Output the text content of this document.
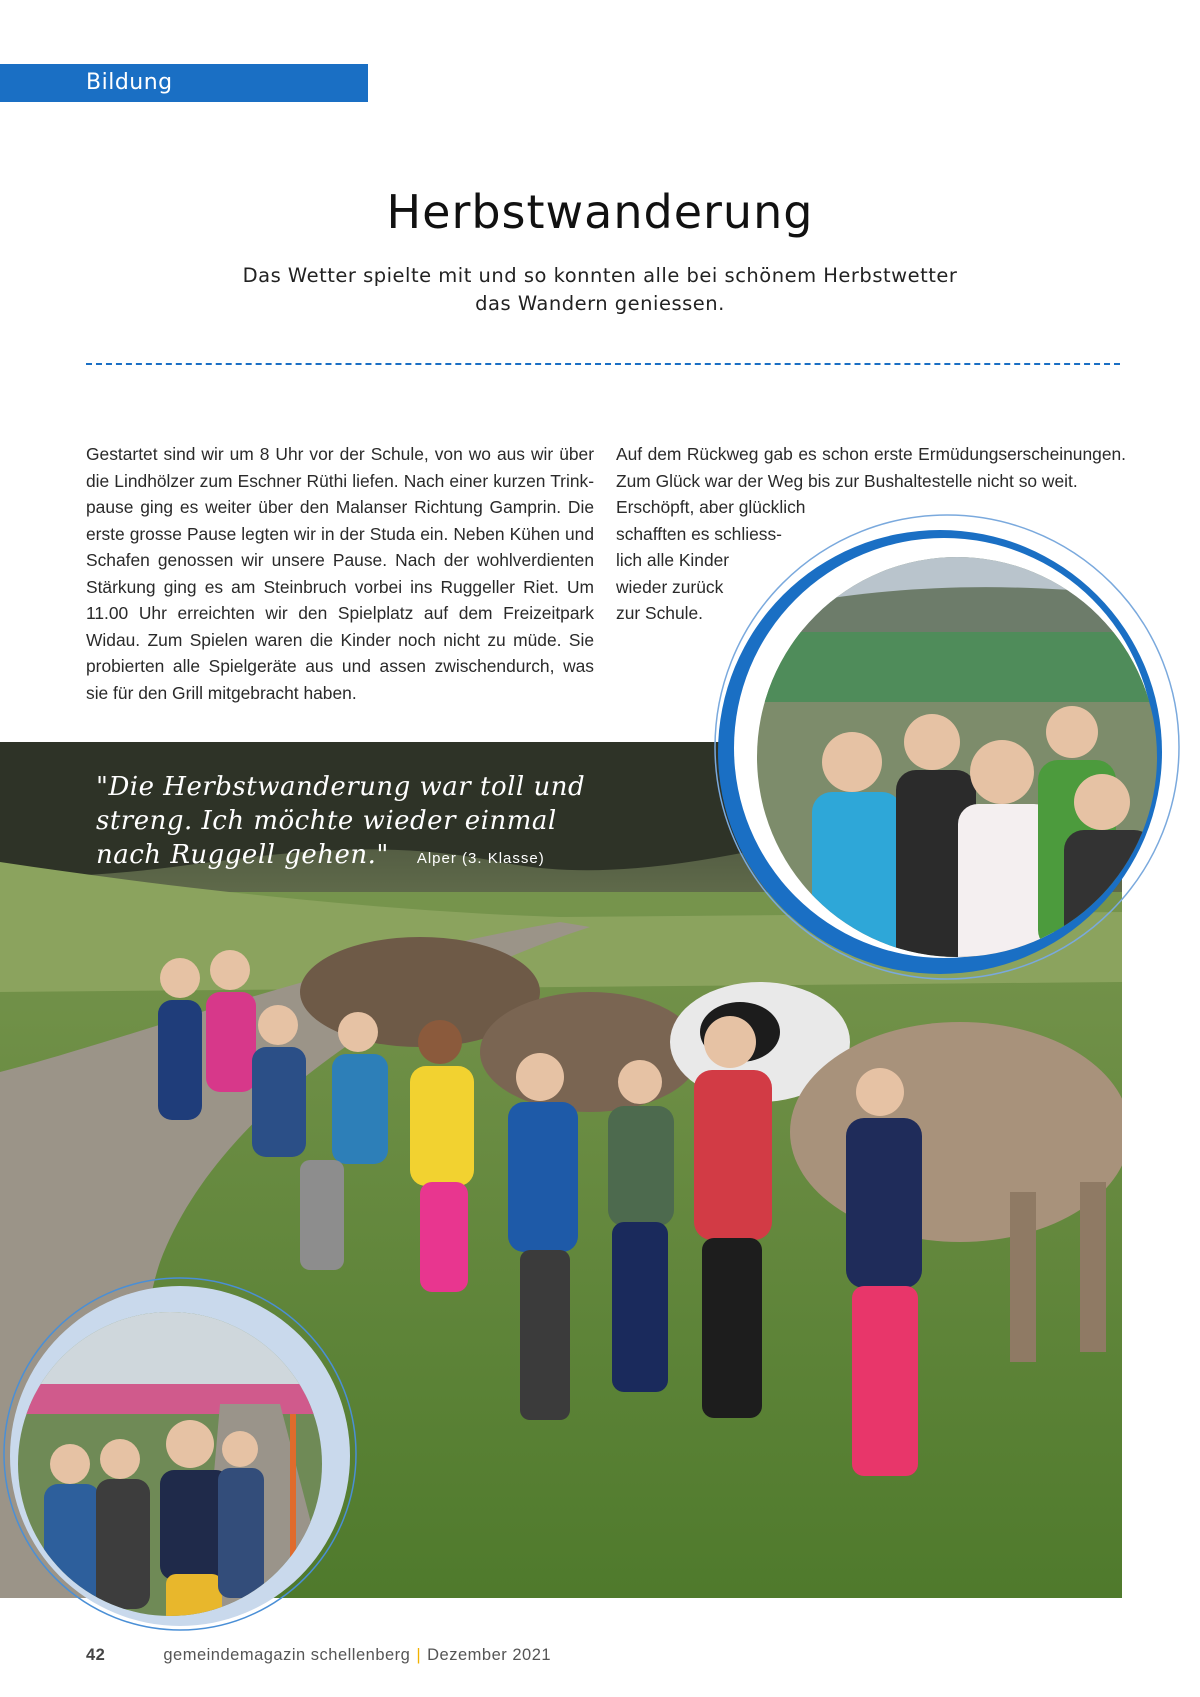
Bildung
Herbstwanderung
Das Wetter spielte mit und so konnten alle bei schönem Herbstwetter
das Wandern geniessen.
Gestartet sind wir um 8 Uhr vor der Schule, von wo aus wir über die Lindhölzer zum Eschner Rüthi liefen. Nach einer kurzen Trink-pause ging es weiter über den Malanser Richtung Gamprin. Die erste grosse Pause legten wir in der Studa ein. Neben Kühen und Schafen genossen wir unsere Pause. Nach der wohlverdienten Stärkung ging es am Steinbruch vorbei ins Ruggeller Riet. Um 11.00 Uhr erreichten wir den Spielplatz auf dem Freizeitpark Widau. Zum Spielen waren die Kinder noch nicht zu müde. Sie probierten alle Spielgeräte aus und assen zwischendurch, was sie für den Grill mitgebracht haben.
Auf dem Rückweg gab es schon erste Ermüdungserscheinungen. Zum Glück war der Weg bis zur Bushaltestelle nicht so weit.
Erschöpft, aber glücklich
schafften es schliess-
lich alle Kinder
wieder zurück
zur Schule.
"Die Herbstwanderung war toll und
streng. Ich möchte wieder einmal
nach Ruggell gehen." Alper (3. Klasse)
42	gemeindemagazin schellenberg | Dezember 2021
